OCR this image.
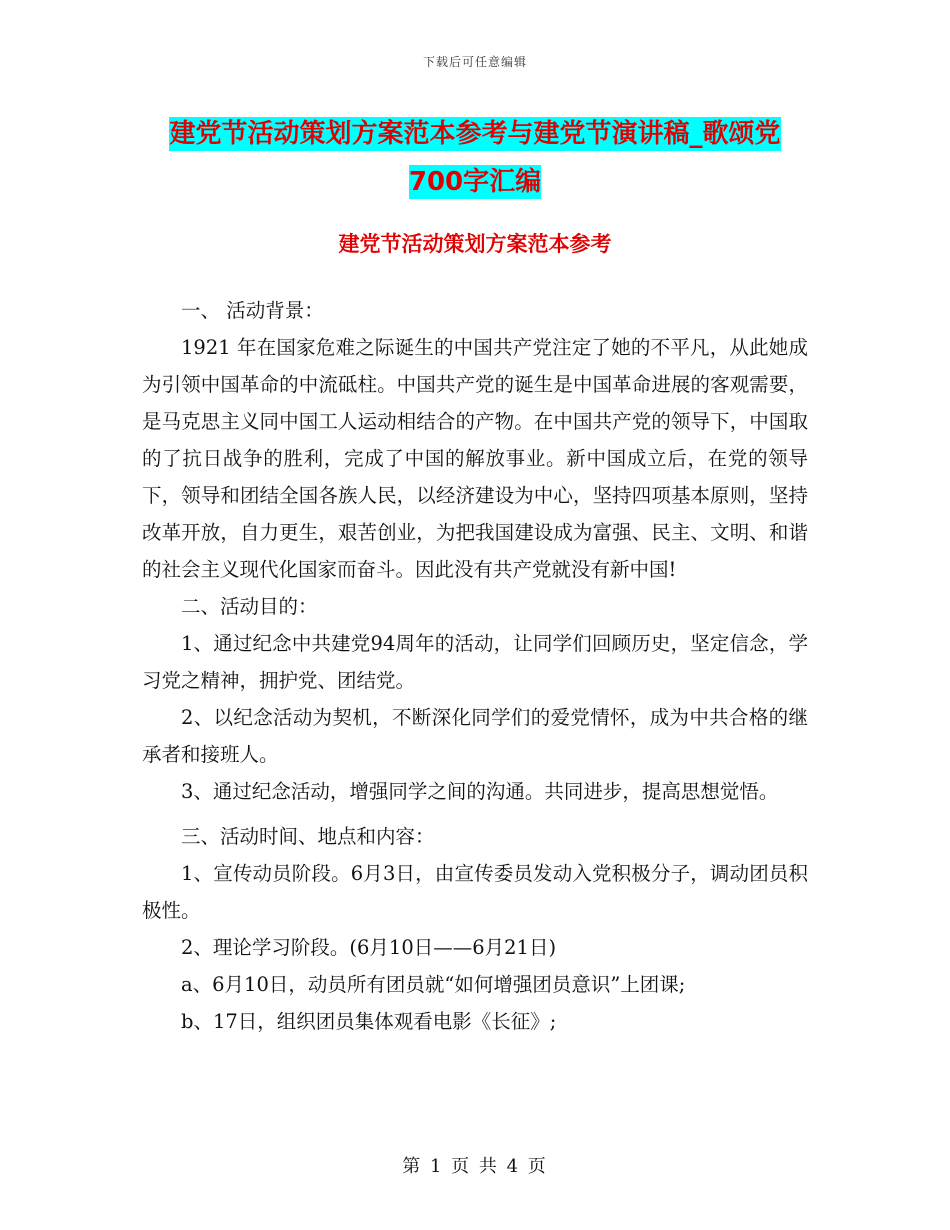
下载后可任意编辑
建党节活动策划方案范本参考与建党节演讲稿_歌颂党
700字汇编
建党节活动策划方案范本参考

一、 活动背景：

1921 年在国家危难之际诞生的中国共产党注定了她的不平凡，从此她成为引领中国革命的中流砥柱。中国共产党的诞生是中国革命进展的客观需要，是马克思主义同中国工人运动相结合的产物。在中国共产党的领导下，中国取的了抗日战争的胜利，完成了中国的解放事业。新中国成立后，在党的领导下，领导和团结全国各族人民，以经济建设为中心，坚持四项基本原则，坚持改革开放，自力更生，艰苦创业，为把我国建设成为富强、民主、文明、和谐的社会主义现代化国家而奋斗。因此没有共产党就没有新中国!

二、活动目的：

1、通过纪念中共建党94周年的活动，让同学们回顾历史，坚定信念，学习党之精神，拥护党、团结党。

2、以纪念活动为契机，不断深化同学们的爱党情怀，成为中共合格的继承者和接班人。

3、通过纪念活动，增强同学之间的沟通。共同进步，提高思想觉悟。

三、活动时间、地点和内容：

1、宣传动员阶段。6月3日，由宣传委员发动入党积极分子，调动团员积极性。

2、理论学习阶段。(6月10日——6月21日)

a、6月10日，动员所有团员就“如何增强团员意识”上团课;

b、17日，组织团员集体观看电影《长征》;

第 1 页 共 4 页
